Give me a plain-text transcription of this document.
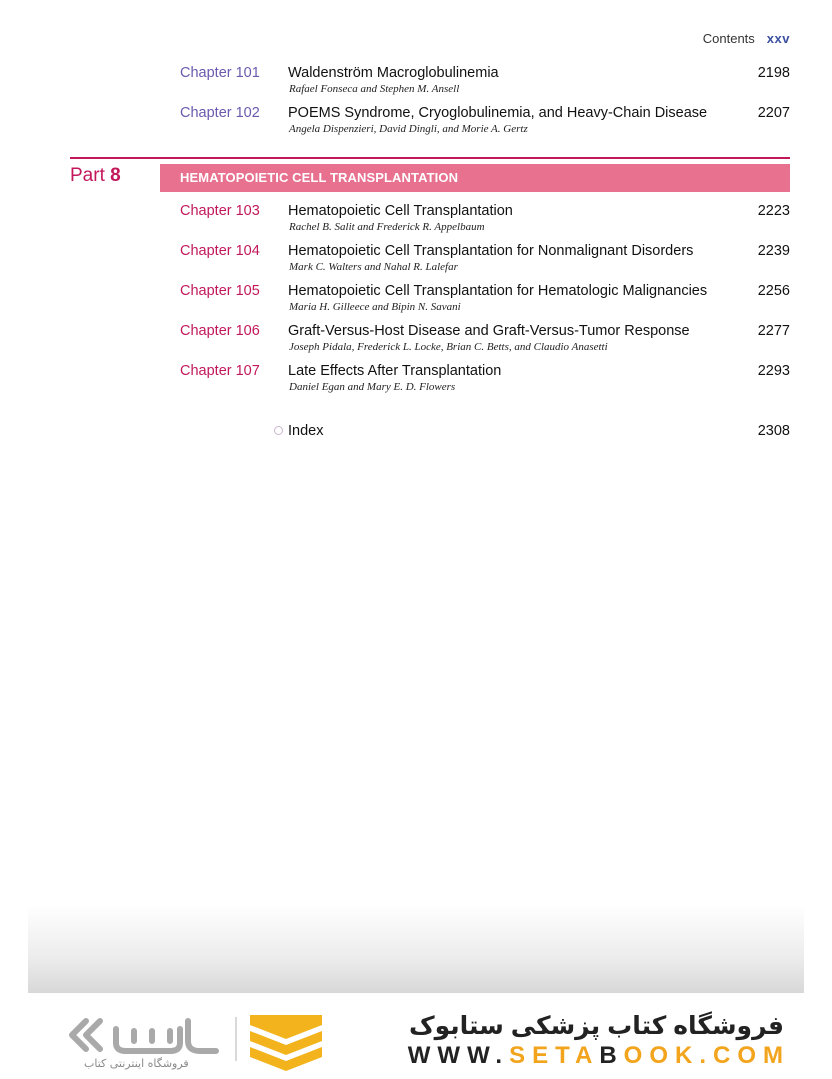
Contents xxv
Chapter 101 Waldenström Macroglobulinemia
Rafael Fonseca and Stephen M. Ansell
2198
Chapter 102 POEMS Syndrome, Cryoglobulinemia, and Heavy-Chain Disease
Angela Dispenzieri, David Dingli, and Morie A. Gertz
2207
Part 8	HEMATOPOIETIC CELL TRANSPLANTATION
Chapter 103 Hematopoietic Cell Transplantation
Rachel B. Salit and Frederick R. Appelbaum
2223
Chapter 104 Hematopoietic Cell Transplantation for Nonmalignant Disorders
Mark C. Walters and Nahal R. Lalefar
2239
Chapter 105 Hematopoietic Cell Transplantation for Hematologic Malignancies
Maria H. Gilleece and Bipin N. Savani
2256
Chapter 106 Graft-Versus-Host Disease and Graft-Versus-Tumor Response
Joseph Pidala, Frederick L. Locke, Brian C. Betts, and Claudio Anasetti
2277
Chapter 107 Late Effects After Transplantation
Daniel Egan and Mary E. D. Flowers
2293
Index	2308
فروشگاه اینترنتی کتاب
فروشگاه کتاب پزشکی ستابوک
WWW.SETABOOK.COM
